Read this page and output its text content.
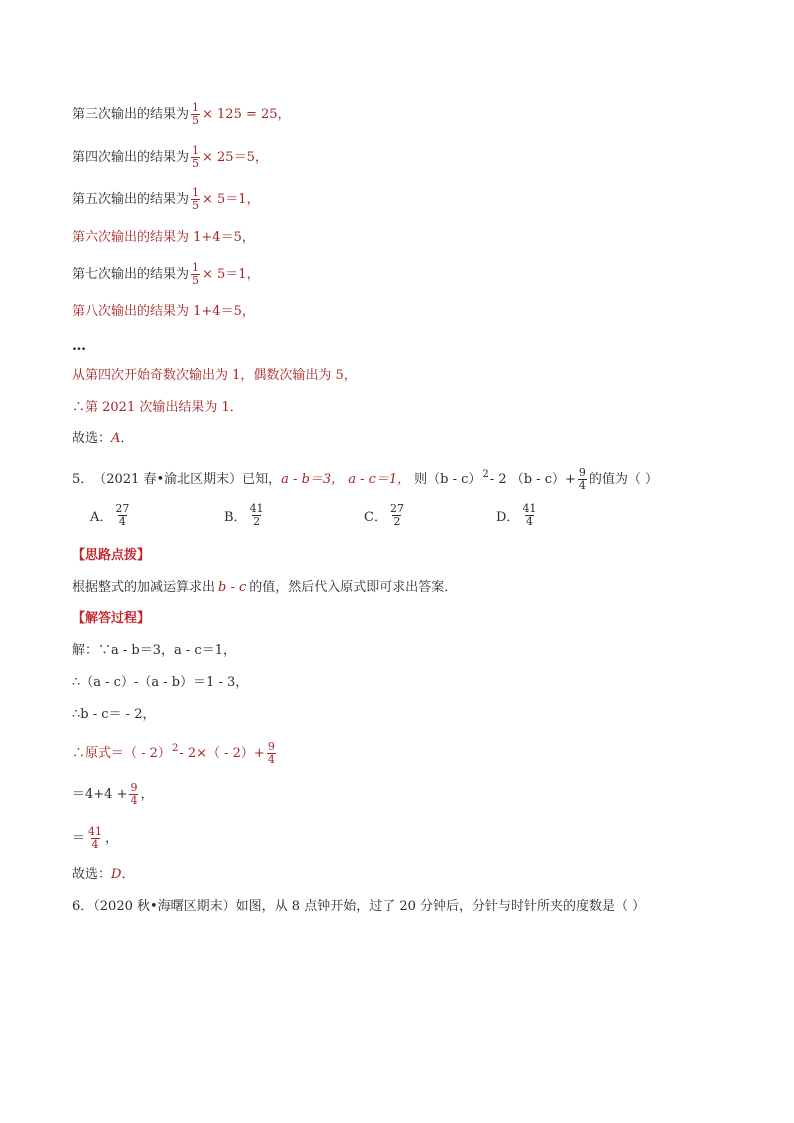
第三次输出的结果为 $\frac{1}{5} \times 125 = 25$，
第四次输出的结果为 $\frac{1}{5} \times 25=5$，
第五次输出的结果为 $\frac{1}{5} \times 5=1$，
第六次输出的结果为 1+4＝5，
第七次输出的结果为 $\frac{1}{5} \times 5=1$，
第八次输出的结果为 1+4＝5，
…
从第四次开始奇数次输出为 1，偶数次输出为 5，
∴第 2021 次输出结果为 1．
故选： A ．
5． （2021 春•渝北区期末）已知， a - b＝3， a - c＝1， 则（b - c） 2 - 2 $(b - c)+ \frac{9}{4}$ 的值为（ ）
A． $\frac{27}{4}$	B． $\frac{41}{2}$	C． $\frac{27}{2}$	D． $\frac{41}{4}$
【思路点拨】
根据整式的加减运算求出 b - c 的值，然后代入原式即可求出答案．
【解答过程】
解：∵a - b＝3，a - c＝1，
∴（a - c）-（a - b）＝1 - 3，
∴b - c＝ - 2，
∴原式＝（ - 2） $2 - 2\times( - 2)+ \frac{9}{4}$
$=4+4 + \frac{9}{4}$ ，
＝ $\frac{41}{4}$ ，
故选： D ．
6．（2020 秋•海曙区期末）如图，从 8 点钟开始，过了 20 分钟后，分针与时针所夹的度数是（ ）
